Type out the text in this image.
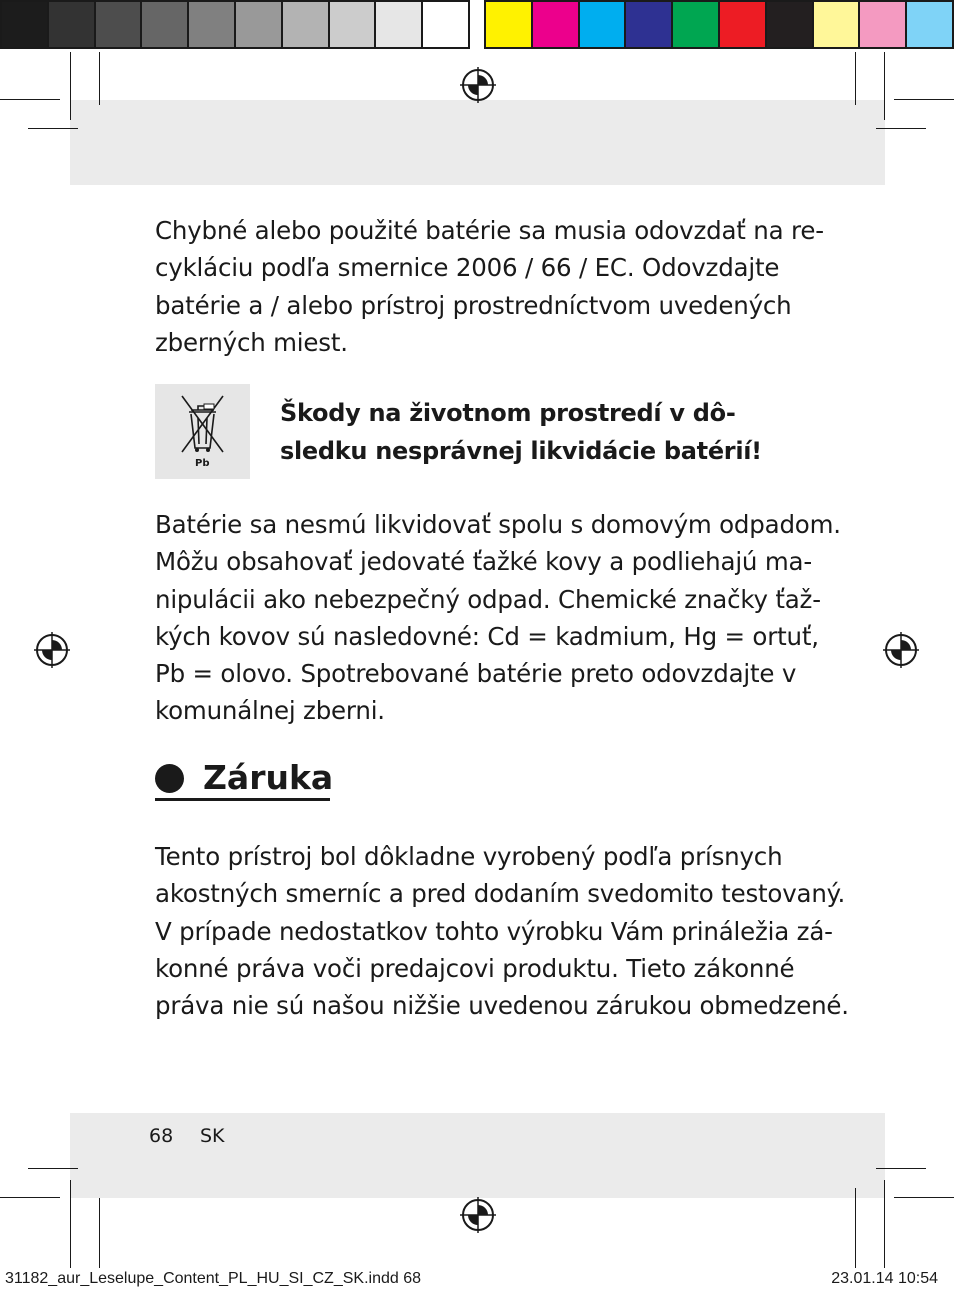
Chybné alebo použité batérie sa musia odovzdať na re-
cykláciu podľa smernice 2006 / 66 / EC. Odovzdajte
batérie a / alebo prístroj prostredníctvom uvedených
zberných miest.

Pb

Škody na životnom prostredí v dô-
sledku nesprávnej likvidácie batérií!

Batérie sa nesmú likvidovať spolu s domovým odpadom.
Môžu obsahovať jedovaté ťažké kovy a podliehajú ma-
nipulácii ako nebezpečný odpad. Chemické značky ťaž-
kých kovov sú nasledovné: Cd = kadmium, Hg = ortuť,
Pb = olovo. Spotrebované batérie preto odovzdajte v
komunálnej zberni.

Záruka

Tento prístroj bol dôkladne vyrobený podľa prísnych
akostných smerníc a pred dodaním svedomito testovaný.
V prípade nedostatkov tohto výrobku Vám prináležia zá-
konné práva voči predajcovi produktu. Tieto zákonné
práva nie sú našou nižšie uvedenou zárukou obmedzené.

68 SK
31182_aur_Leselupe_Content_PL_HU_SI_CZ_SK.indd 68	23.01.14 10:54
